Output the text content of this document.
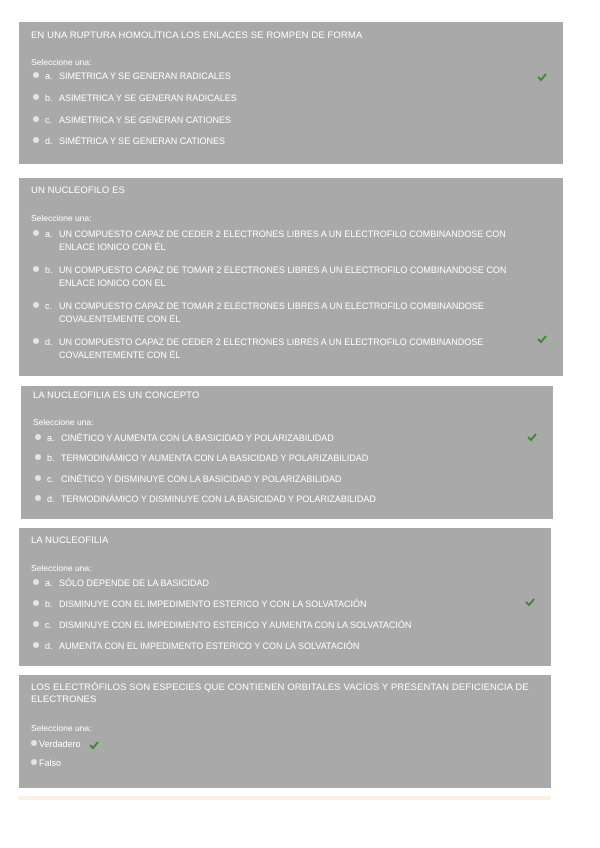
EN UNA RUPTURA HOMOLÍTICA LOS ENLACES SE ROMPEN DE FORMA
Seleccione una:
a. SIMETRICA Y SE GENERAN RADICALES
b. ASIMETRICA Y SE GENERAN RADICALES
c. ASIMETRICA Y SE GENERAN CATIONES
d. SIMÉTRICA Y SE GENERAN CATIONES
UN NUCLEOFILO ES
Seleccione una:
a. UN COMPUESTO CAPAZ DE CEDER 2 ELECTRONES LIBRES A UN ELECTROFILO COMBINANDOSE CON
ENLACE IONICO CON ÉL
b. UN COMPUESTO CAPAZ DE TOMAR 2 ELECTRONES LIBRES A UN ELECTROFILO COMBINANDOSE CON
ENLACE IONICO CON EL
c. UN COMPUESTO CAPAZ DE TOMAR 2 ELECTRONES LIBRES A UN ELECTROFILO COMBINANDOSE
COVALENTEMENTE CON ÉL
d. UN COMPUESTO CAPAZ DE CEDER 2 ELECTRONES LIBRES A UN ELECTROFILO COMBINANDOSE
COVALENTEMENTE CON ÉL
LA NUCLEOFILIA ES UN CONCEPTO
Seleccione una:
a. CINÉTICO Y AUMENTA CON LA BASICIDAD Y POLARIZABILIDAD
b. TERMODINÁMICO Y AUMENTA CON LA BASICIDAD Y POLARIZABILIDAD
c. CINÉTICO Y DISMINUYE CON LA BASICIDAD Y POLARIZABILIDAD
d. TERMODINÁMICO Y DISMINUYE CON LA BASICIDAD Y POLARIZABILIDAD
LA NUCLEOFILIA
Seleccione una:
a. SÓLO DEPENDE DE LA BASICIDAD
b. DISMINUYE CON EL IMPEDIMENTO ESTERICO Y CON LA SOLVATACIÓN
c. DISMINUYE CON EL IMPEDIMENTO ESTERICO Y AUMENTA CON LA SOLVATACIÓN
d. AUMENTA CON EL IMPEDIMENTO ESTERICO Y CON LA SOLVATACIÓN
LOS ELECTRÓFILOS SON ESPECIES QUE CONTIENEN ORBITALES VACÍOS Y PRESENTAN DEFICIENCIA DE
ELECTRONES
Seleccione una:
Verdadero
Falso
